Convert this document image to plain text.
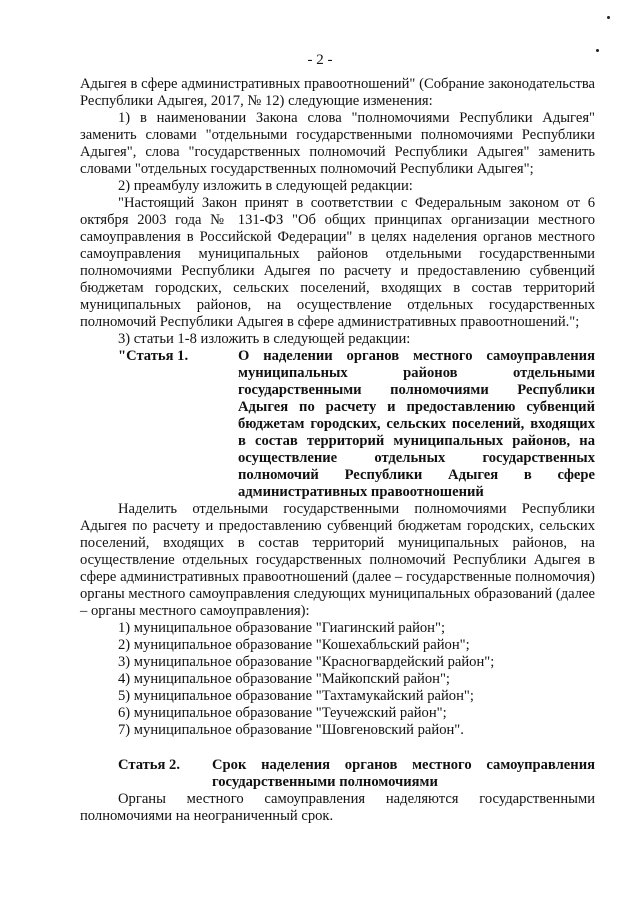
- 2 -

Адыгея в сфере административных правоотношений" (Собрание законодательства Республики Адыгея, 2017, № 12) следующие изменения:

1) в наименовании Закона слова "полномочиями Республики Адыгея" заменить словами "отдельными государственными полномочиями Республики Адыгея", слова "государственных полномочий Республики Адыгея" заменить словами "отдельных государственных полномочий Республики Адыгея";

2) преамбулу изложить в следующей редакции:

"Настоящий Закон принят в соответствии с Федеральным законом от 6 октября 2003 года № 131-ФЗ "Об общих принципах организации местного самоуправления в Российской Федерации" в целях наделения органов местного самоуправления муниципальных районов отдельными государственными полномочиями Республики Адыгея по расчету и предоставлению субвенций бюджетам городских, сельских поселений, входящих в состав территорий муниципальных районов, на осуществление отдельных государственных полномочий Республики Адыгея в сфере административных правоотношений.";

3) статьи 1-8 изложить в следующей редакции:

"Статья 1.	О наделении органов местного самоуправления муниципальных районов отдельными государственными полномочиями Республики Адыгея по расчету и предоставлению субвенций бюджетам городских, сельских поселений, входящих в состав территорий муниципальных районов, на осуществление отдельных государственных полномочий Республики Адыгея в сфере административных правоотношений

Наделить отдельными государственными полномочиями Республики Адыгея по расчету и предоставлению субвенций бюджетам городских, сельских поселений, входящих в состав территорий муниципальных районов, на осуществление отдельных государственных полномочий Республики Адыгея в сфере административных правоотношений (далее – государственные полномочия) органы местного самоуправления следующих муниципальных образований (далее – органы местного самоуправления):

1) муниципальное образование "Гиагинский район";
2) муниципальное образование "Кошехабльский район";
3) муниципальное образование "Красногвардейский район";
4) муниципальное образование "Майкопский район";
5) муниципальное образование "Тахтамукайский район";
6) муниципальное образование "Теучежский район";
7) муниципальное образование "Шовгеновский район".
Статья 2.	Срок наделения органов местного самоуправления государственными полномочиями

Органы местного самоуправления наделяются государственными полномочиями на неограниченный срок.
